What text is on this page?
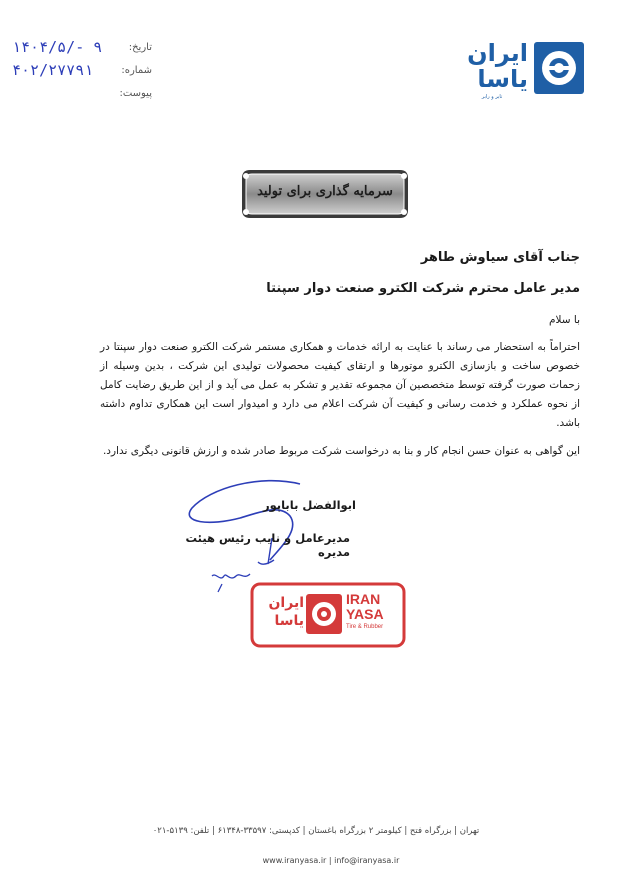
ایران
یاسا
تایر و رابر
۱۴۰۴/۵/- ۹	تاریخ:
۴۰۲/۲۷۷۹۱	شماره:
پیوست:
سرمایه گذاری برای تولید
جناب آقای سیاوش طاهر
مدیر عامل محترم شرکت الکترو صنعت دوار سپنتا
با سلام
احتراماً به استحضار می رساند با عنایت به ارائه خدمات و همکاری مستمر شرکت الکترو صنعت دوار سپنتا در خصوص ساخت و بازسازی الکترو موتورها و ارتقای کیفیت محصولات تولیدی این شرکت ، بدین وسیله از زحمات صورت گرفته توسط متخصصین آن مجموعه تقدیر و تشکر به عمل می آید و از این طریق رضایت کامل از نحوه عملکرد و خدمت رسانی و کیفیت آن شرکت اعلام می دارد و امیدوار است این همکاری تداوم داشته باشد.
این گواهی به عنوان حسن انجام کار و بنا به درخواست شرکت مربوط صادر شده و ارزش قانونی دیگری ندارد.
ابوالفضل باباپور
مدیرعامل و نایب رئیس هیئت مدیره
ایران
یاسا
IRAN
YASA
Tire & Rubber
تهران | بزرگراه فتح | کیلومتر ۲ بزرگراه باغستان | کدپستی: ۳۳۵۹۷-۶۱۳۴۸ | تلفن: ۵۱۳۹-۰۲۱
www.iranyasa.ir | info@iranyasa.ir
